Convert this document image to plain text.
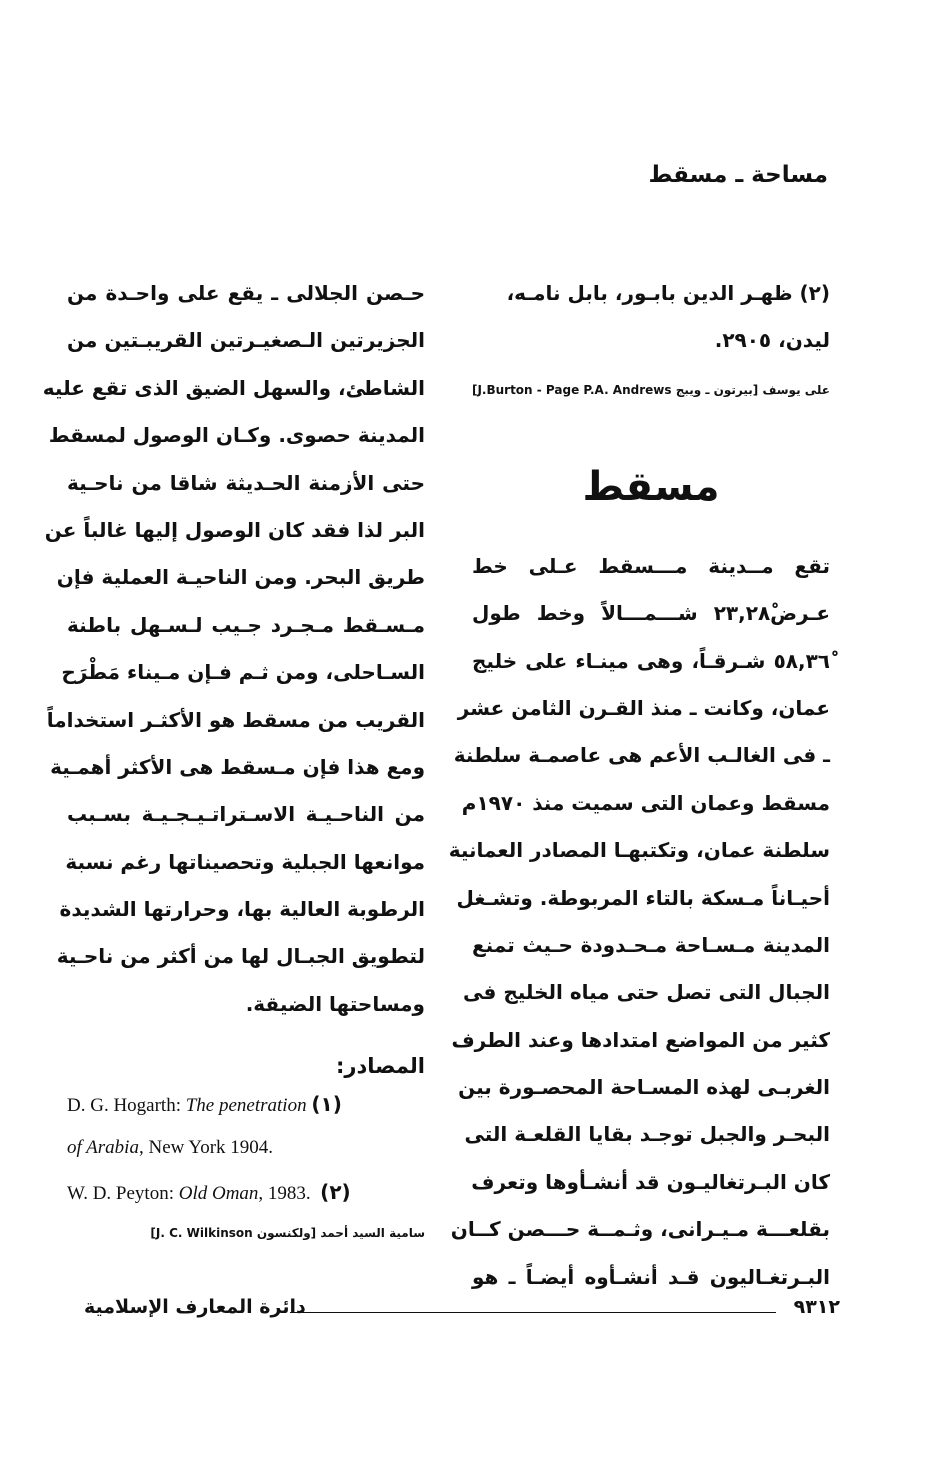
مساحة ـ مسقط
(٢) ظهـر الدين بابـور، بابل نامـه،
ليدن، ٢٩٠٥.
على يوسف [بيرتون ـ ويبج J.Burton - Page P.A. Andrews]
مسقط
تقع مــدينة مـــسقط عـلى خط
عـرض٢٣,٢٨ْ شـــمـــالاً وخط طول
٥٨,٣٦ْ شـرقـاً، وهى مينـاء على خليج
عمان، وكانت ـ منذ القـرن الثامن عشر
ـ فى الغالـب الأعم هى عاصمـة سلطنة
مسقط وعمان التى سميت منذ ١٩٧٠م
سلطنة عمان، وتكتبهـا المصادر العمانية
أحيـاناً مـسكة بالتاء المربوطة. وتشـغل
المدينة مـسـاحة مـحـدودة حـيث تمنع
الجبال التى تصل حتى مياه الخليج فى
كثير من المواضع امتدادها وعند الطرف
الغربـى لهذه المسـاحة المحصـورة بين
البحـر والجبل توجـد بقايا القلعـة التى
كان البـرتغاليـون قد أنشـأوها وتعرف
بقلعـــة مـيـرانى، وثـمــة حـــصن كــان
البـرتغـاليون قـد أنشـأوه أيضـاً ـ هو
حـصن الجلالى ـ يقع على واحـدة من
الجزيرتين الـصغيـرتين القريبـتين من
الشاطئ، والسهل الضيق الذى تقع عليه
المدينة حصوى. وكـان الوصول لمسقط
حتى الأزمنة الحـديثة شاقا من ناحـية
البر لذا فقد كان الوصول إليها غالباً عن
طريق البحر. ومن الناحيـة العملية فإن
مـسـقط مـجـرد جـيب لـسـهل باطنة
السـاحلى، ومن ثـم فـإن مـيناء مَطْرَح
القريب من مسقط هو الأكثـر استخداماً
ومع هذا فإن مـسقط هى الأكثر أهمـية
من الناحـيـة الاسـتراتـيـجـيـة بسـبب
موانعها الجبلية وتحصيناتها رغم نسبة
الرطوبة العالية بها، وحرارتها الشديدة
لتطويق الجبـال لها من أكثر من ناحـية
ومساحتها الضيقة.
المصادر:
D. G. Hogarth: The penetration (١)
of Arabia, New York 1904.
W. D. Peyton: Old Oman, 1983. (٢)
سامية السيد أحمد [ولكنسون J. C. Wilkinson]
دائرة المعارف الإسلامية	٩٣١٢
